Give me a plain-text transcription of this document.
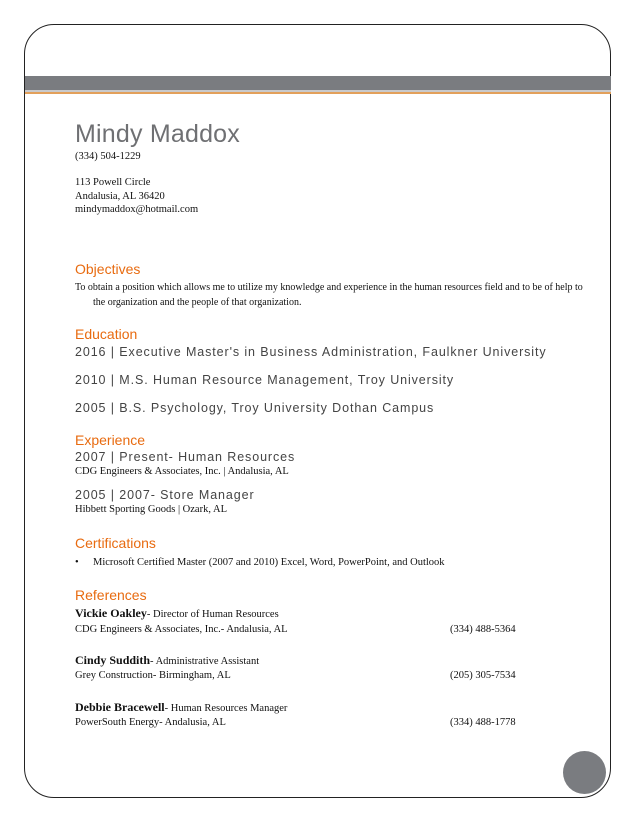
Mindy Maddox
(334) 504-1229
113 Powell Circle
Andalusia, AL 36420
mindymaddox@hotmail.com
Objectives
To obtain a position which allows me to utilize my knowledge and experience in the human resources field and to be of help to the organization and the people of that organization.
Education
2016 | Executive Master's in Business Administration, Faulkner University
2010 | M.S. Human Resource Management, Troy University
2005 | B.S. Psychology, Troy University Dothan Campus
Experience
2007 | Present- Human Resources
CDG Engineers & Associates, Inc. | Andalusia, AL
2005 | 2007- Store Manager
Hibbett Sporting Goods | Ozark, AL
Certifications
• Microsoft Certified Master (2007 and 2010) Excel, Word, PowerPoint, and Outlook
References
Vickie Oakley- Director of Human Resources
CDG Engineers & Associates, Inc.- Andalusia, AL	(334) 488-5364
Cindy Suddith- Administrative Assistant
Grey Construction- Birmingham, AL	(205) 305-7534
Debbie Bracewell- Human Resources Manager
PowerSouth Energy- Andalusia, AL	(334) 488-1778
